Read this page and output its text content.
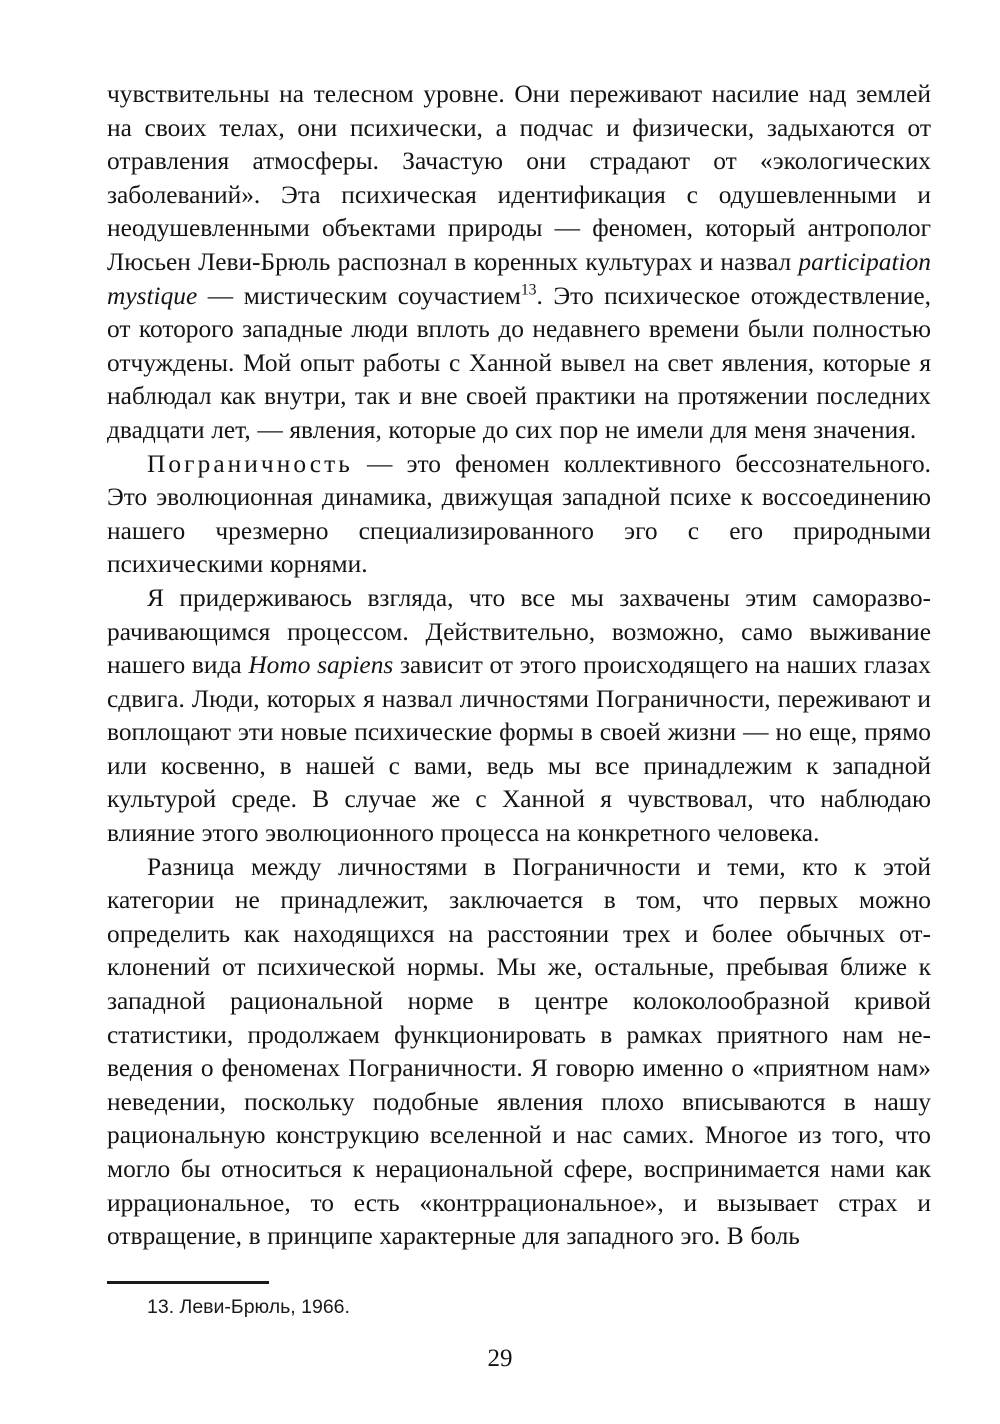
чувствительны на телесном уровне. Они переживают насилие над землей на своих телах, они психически, а подчас и физически, задыхаются от отравления атмосферы. Зачастую они страдают от «экологических заболеваний». Эта психическая идентификация с одушевленными и неодушевленными объектами природы — феномен, который антрополог Люсьен Леви-Брюль распознал в коренных культурах и назвал participation mystique — мистическим соучастием$^{13}$. Это психическое отождествление, от которого западные люди вплоть до недавнего времени были полностью отчуждены. Мой опыт работы с Ханной вывел на свет явления, которые я наблюдал как внутри, так и вне своей практики на протяжении последних двадцати лет, — явления, которые до сих пор не имели для меня значения.

Пограничность — это феномен коллективного бессознательного. Это эволюционная динамика, движущая западной психе к воссоединению нашего чрезмерно специализированного эго с его природными психическими корнями.

Я придерживаюсь взгляда, что все мы захвачены этим саморазворачивающимся процессом. Действительно, возможно, само выживание нашего вида Homo sapiens зависит от этого происходящего на наших глазах сдвига. Люди, которых я назвал личностями Пограничности, переживают и воплощают эти новые психические формы в своей жизни — но еще, прямо или косвенно, в нашей с вами, ведь мы все принадлежим к западной культурой среде. В случае же с Ханной я чувствовал, что наблюдаю влияние этого эволюционного процесса на конкретного человека.

Разница между личностями в Пограничности и теми, кто к этой категории не принадлежит, заключается в том, что первых можно определить как находящихся на расстоянии трех и более обычных отклонений от психической нормы. Мы же, остальные, пребывая ближе к западной рациональной норме в центре колоколообразной кривой статистики, продолжаем функционировать в рамках приятного нам неведения о феноменах Пограничности. Я говорю именно о «приятном нам» неведении, поскольку подобные явления плохо вписываются в нашу рациональную конструкцию вселенной и нас самих. Многое из того, что могло бы относиться к нерациональной сфере, воспринимается нами как иррациональное, то есть «контррациональное», и вызывает страх и отвращение, в принципе характерные для западного эго. В боль

13. Леви-Брюль, 1966.

29
